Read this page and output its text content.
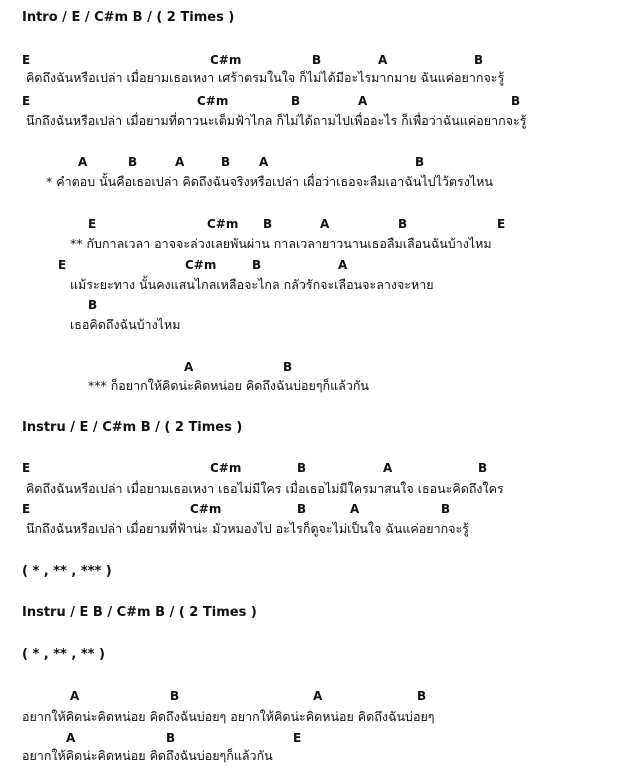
Intro / E / C#m B / ( 2 Times )
E	C#m	B	A	B
คิดถึงฉันหรือเปล่า เมื่อยามเธอเหงา เศร้าตรมในใจ ก็ไม่ได้มีอะไรมากมาย ฉันแค่อยากจะรู้
E	C#m	B	A	B
นึกถึงฉันหรือเปล่า เมื่อยามที่ดาวนะเต็มฟ้าไกล ก็ไม่ได้ถามไปเพื่ออะไร ก็เพื่อว่าฉันแค่อยากจะรู้
A	B	A	B A	B
* คำตอบ นั้นคือเธอเปล่า คิดถึงฉันจริงหรือเปล่า เผื่อว่าเธอจะลืมเอาฉันไปไว้ตรงไหน
E	C#m B	A	B	E
** กับกาลเวลา อาจจะล่วงเลยพันผ่าน กาลเวลายาวนานเธอลืมเลือนฉันบ้างไหม
E	C#m	B	A
แม้ระยะทาง นั้นคงแสนไกลเหลือจะไกล กลัวรักจะเลือนจะลางจะหาย
B
เธอคิดถึงฉันบ้างไหม
A	B
*** ก็อยากให้คิดน่ะคิดหน่อย คิดถึงฉันบ่อยๆก็แล้วกัน
Instru / E / C#m B / ( 2 Times )
E	C#m	B	A	B
คิดถึงฉันหรือเปล่า เมื่อยามเธอเหงา เธอไม่มีใคร เมื่อเธอไม่มีใครมาสนใจ เธอนะคิดถึงใคร
E	C#m	B	A	B
นึกถึงฉันหรือเปล่า เมื่อยามที่ฟ้าน่ะ มัวหมองไป อะไรก็ดูจะไม่เป็นใจ ฉันแค่อยากจะรู้
( * , ** , *** )
Instru / E B / C#m B / ( 2 Times )
( * , ** , ** )
A	B	A	B
อยากให้คิดน่ะคิดหน่อย คิดถึงฉันบ่อยๆ อยากให้คิดน่ะคิดหน่อย คิดถึงฉันบ่อยๆ
A	B	E
อยากให้คิดน่ะคิดหน่อย คิดถึงฉันบ่อยๆก็แล้วกัน
